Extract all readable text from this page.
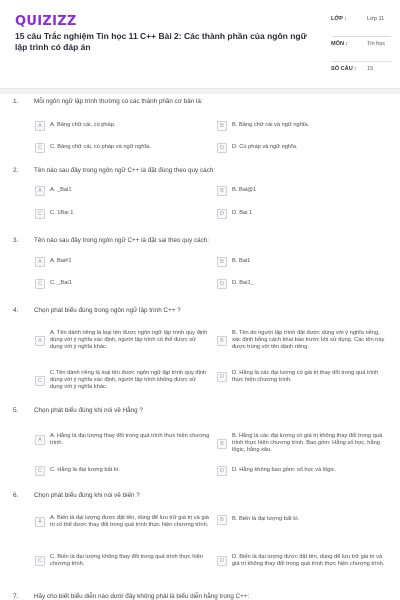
QUIZIZZ
15 câu Trắc nghiệm Tin học 11 C++ Bài 2: Các thành phần của ngôn ngữ lập trình có đáp án
LỚP :	Lớp 11
MÔN :	Tin học
SỐ CÂU : 15
1. Mỗi ngôn ngữ lập trình thường có các thành phần cơ bản là:
A	A. Bảng chữ cái, cú pháp.	B	B. Bảng chữ cái và ngữ nghĩa.
C	C. Bảng chữ cái, cú pháp và ngữ nghĩa.	D	D. Cú pháp và ngữ nghĩa.
2. Tên nào sau đây trong ngôn ngữ C++ là đặt đúng theo quy cách:
A	A. _Bai1	B	B. Bai@1
C	C. 1Bai 1	D	D. Bai 1
3. Tên nào sau đây trong ngôn ngữ C++ là đặt sai theo quy cách:
A	A. Bai#1	B	B. Bai1
C	C. _Bai1	D	D. Bai1_
4. Chọn phát biểu đúng trong ngôn ngữ lập trình C++ ?
A
A. Tên dành riêng là loại tên được ngôn ngữ lập trình quy định dùng với ý nghĩa xác định, người lập trình có thể được sử dụng với ý nghĩa khác.
B
B. Tên do người lập trình đặt được dùng với ý nghĩa riêng, xác định bằng cách khai báo trước khi sử dụng. Các tên này được trùng với tên dành riêng.
C
C.Tên dành riêng là loại tên được ngôn ngữ lập trình quy định dùng với ý nghĩa xác định, người lập trình không được sử dụng với ý nghĩa khác.
D
D. Hằng là các đại lượng có giá trị thay đổi trong quá trình thực hiện chương trình.
5. Chọn phát biểu đúng khi nói về Hằng ?
A
A. Hằng là đại lượng thay đổi trong quá trình thực hiện chương trình.	B
B. Hằng là các đại lượng có giá trị không thay đổi trong quá trình thực hiện chương trình. Bao gồm: Hằng số học, hằng lôgic, hằng xâu.
C	C. Hằng là đại lượng bất kì.	D	D. Hằng không bao gồm: số học và lôgic.
6. Chọn phát biểu đúng khi nói về biến ?
A
A. Biến là đại lượng được đặt tên, dùng để lưu trữ giá trị và giá trị có thể được thay đổi trong quá trình thực hiện chương trình.
B	B. Biến là đại lượng bất kì.
C
C. Biến là đại lượng không thay đổi trong quá trình thực hiện chương trình.	D
D. Biến là đại lượng được đặt tên, dùng để lưu trữ giá trị và giá trị không thay đổi trong quá trình thực hiện chương trình.
7. Hãy cho biết biểu diễn nào dưới đây không phải là biểu diễn hằng trong C++:
